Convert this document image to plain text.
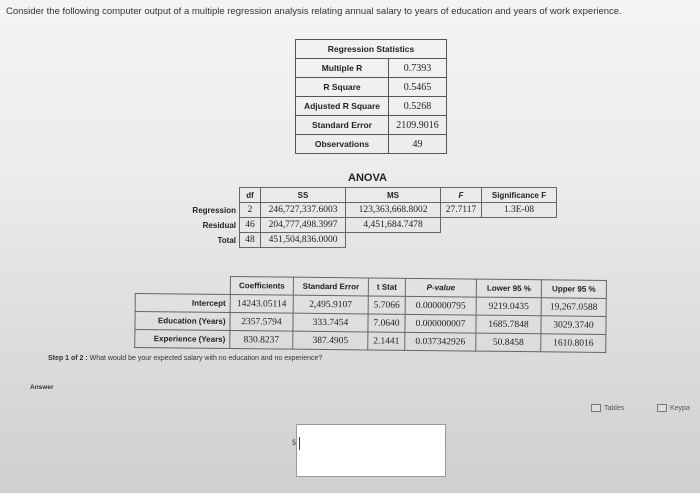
Consider the following computer output of a multiple regression analysis relating annual salary to years of education and years of work experience.
Regression Statistics	
Multiple R	0.7393
R Square	0.5465
Adjusted R Square	0.5268
Standard Error	2109.9016
Observations	49
ANOVA
	df	SS	MS	F	Significance F
Regression	2	246,727,337.6003	123,363,668.8002	27.7117	1.3E-08
Residual	46	204,777,498.3997	4,451,684.7478		
Total	48	451,504,836.0000			
	Coefficients	Standard Error	t Stat	P-value	Lower 95 %	Upper 95 %
Intercept	14243.05114	2,495.9107	5.7066	0.000000795	9219.0435	19,267.0588
Education (Years)	2357.5794	333.7454	7.0640	0.000000007	1685.7848	3029.3740
Experience (Years)	830.8237	387.4905	2.1441	0.037342926	50.8458	1610.8016
Step 1 of 2 : What would be your expected salary with no education and no experience?
Answer
Tables	Keypa
$
